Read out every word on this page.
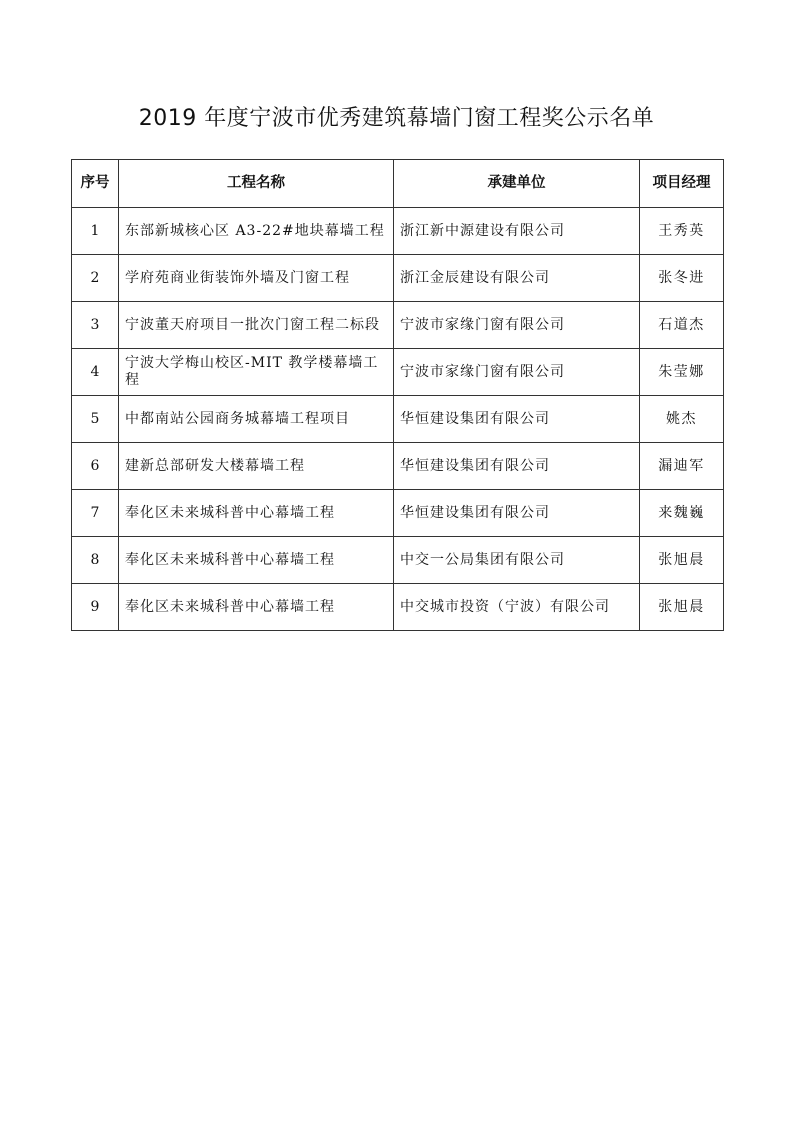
2019 年度宁波市优秀建筑幕墙门窗工程奖公示名单
序号	工程名称	承建单位	项目经理
1	东部新城核心区 A3-22#地块幕墙工程	浙江新中源建设有限公司	王秀英
2	学府苑商业街装饰外墙及门窗工程	浙江金辰建设有限公司	张冬进
3	宁波董天府项目一批次门窗工程二标段	宁波市家缘门窗有限公司	石道杰
4	宁波大学梅山校区-MIT 教学楼幕墙工程	宁波市家缘门窗有限公司	朱莹娜
5	中都南站公园商务城幕墙工程项目	华恒建设集团有限公司	姚杰
6	建新总部研发大楼幕墙工程	华恒建设集团有限公司	漏迪军
7	奉化区未来城科普中心幕墙工程	华恒建设集团有限公司	来魏巍
8	奉化区未来城科普中心幕墙工程	中交一公局集团有限公司	张旭晨
9	奉化区未来城科普中心幕墙工程	中交城市投资（宁波）有限公司	张旭晨
